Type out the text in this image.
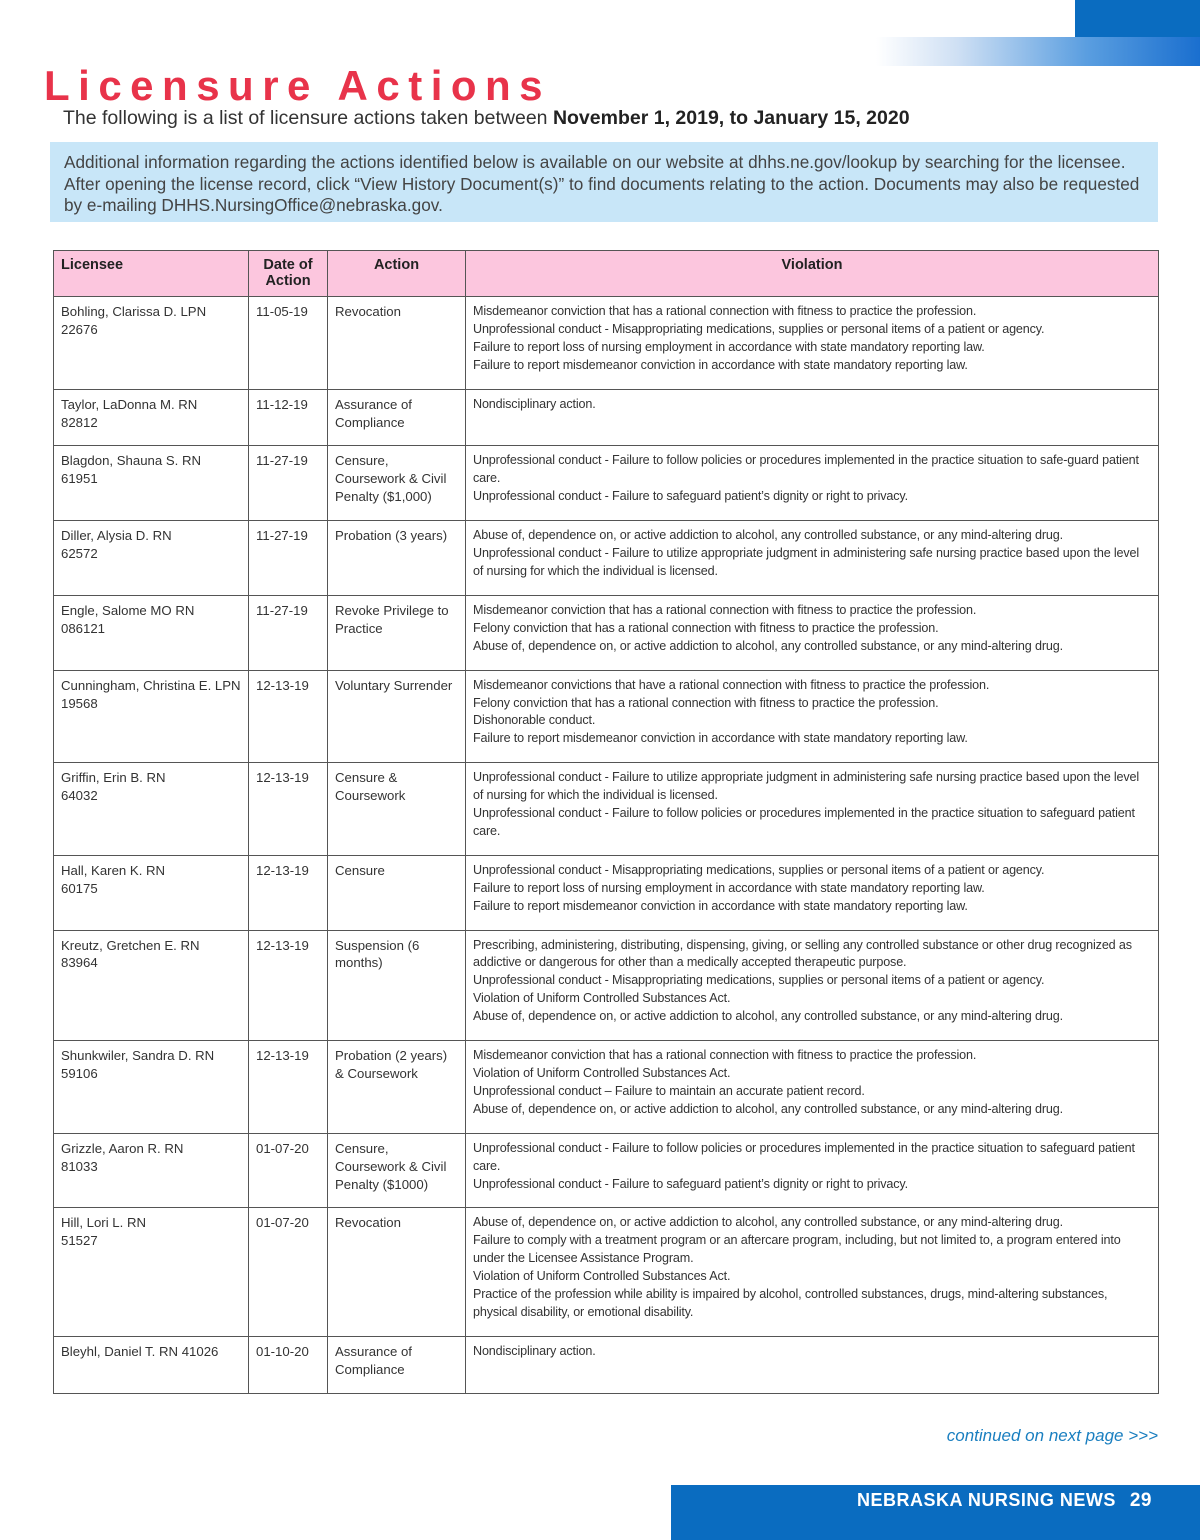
Licensure Actions
The following is a list of licensure actions taken between November 1, 2019, to January 15, 2020
Additional information regarding the actions identified below is available on our website at dhhs.ne.gov/lookup by searching for the licensee. After opening the license record, click “View History Document(s)” to find documents relating to the action. Documents may also be requested by e-mailing DHHS.NursingOffice@nebraska.gov.
Licensee	Date of Action	Action	Violation

Bohling, Clarissa D. LPN
22676	11-05-19	Revocation	Misdemeanor conviction that has a rational connection with fitness to practice the profession.
Unprofessional conduct - Misappropriating medications, supplies or personal items of a patient or agency.
Failure to report loss of nursing employment in accordance with state mandatory reporting law.
Failure to report misdemeanor conviction in accordance with state mandatory reporting law.

Taylor, LaDonna M. RN
82812	11-12-19	Assurance of Compliance	Nondisciplinary action.

Blagdon, Shauna S. RN
61951	11-27-19	Censure, Coursework & Civil Penalty ($1,000)	Unprofessional conduct - Failure to follow policies or procedures implemented in the practice situation to safe-guard patient care.
Unprofessional conduct - Failure to safeguard patient’s dignity or right to privacy.

Diller, Alysia D. RN
62572	11-27-19	Probation (3 years)	Abuse of, dependence on, or active addiction to alcohol, any controlled substance, or any mind-altering drug.
Unprofessional conduct - Failure to utilize appropriate judgment in administering safe nursing practice based upon the level of nursing for which the individual is licensed.

Engle, Salome MO RN
086121	11-27-19	Revoke Privilege to Practice	Misdemeanor conviction that has a rational connection with fitness to practice the profession.
Felony conviction that has a rational connection with fitness to practice the profession.
Abuse of, dependence on, or active addiction to alcohol, any controlled substance, or any mind-altering drug.

Cunningham, Christina E. LPN
19568	12-13-19	Voluntary Surrender	Misdemeanor convictions that have a rational connection with fitness to practice the profession.
Felony conviction that has a rational connection with fitness to practice the profession.
Dishonorable conduct.
Failure to report misdemeanor conviction in accordance with state mandatory reporting law.

Griffin, Erin B. RN
64032	12-13-19	Censure & Coursework	Unprofessional conduct - Failure to utilize appropriate judgment in administering safe nursing practice based upon the level of nursing for which the individual is licensed.
Unprofessional conduct - Failure to follow policies or procedures implemented in the practice situation to safeguard patient care.

Hall, Karen K. RN
60175	12-13-19	Censure	Unprofessional conduct - Misappropriating medications, supplies or personal items of a patient or agency.
Failure to report loss of nursing employment in accordance with state mandatory reporting law.
Failure to report misdemeanor conviction in accordance with state mandatory reporting law.

Kreutz, Gretchen E. RN
83964	12-13-19	Suspension (6 months)	Prescribing, administering, distributing, dispensing, giving, or selling any controlled substance or other drug recognized as addictive or dangerous for other than a medically accepted therapeutic purpose.
Unprofessional conduct - Misappropriating medications, supplies or personal items of a patient or agency.
Violation of Uniform Controlled Substances Act.
Abuse of, dependence on, or active addiction to alcohol, any controlled substance, or any mind-altering drug.

Shunkwiler, Sandra D. RN
59106	12-13-19	Probation (2 years) & Coursework	Misdemeanor conviction that has a rational connection with fitness to practice the profession.
Violation of Uniform Controlled Substances Act.
Unprofessional conduct – Failure to maintain an accurate patient record.
Abuse of, dependence on, or active addiction to alcohol, any controlled substance, or any mind-altering drug.

Grizzle, Aaron R. RN
81033	01-07-20	Censure, Coursework & Civil Penalty ($1000)	Unprofessional conduct - Failure to follow policies or procedures implemented in the practice situation to safeguard patient care.
Unprofessional conduct - Failure to safeguard patient’s dignity or right to privacy.

Hill, Lori L. RN
51527	01-07-20	Revocation	Abuse of, dependence on, or active addiction to alcohol, any controlled substance, or any mind-altering drug.
Failure to comply with a treatment program or an aftercare program, including, but not limited to, a program entered into under the Licensee Assistance Program.
Violation of Uniform Controlled Substances Act.
Practice of the profession while ability is impaired by alcohol, controlled substances, drugs, mind-altering substances, physical disability, or emotional disability.

Bleyhl, Daniel T. RN 41026	01-10-20	Assurance of Compliance	Nondisciplinary action.
continued on next page >>>
NEBRASKA NURSING NEWS 29
